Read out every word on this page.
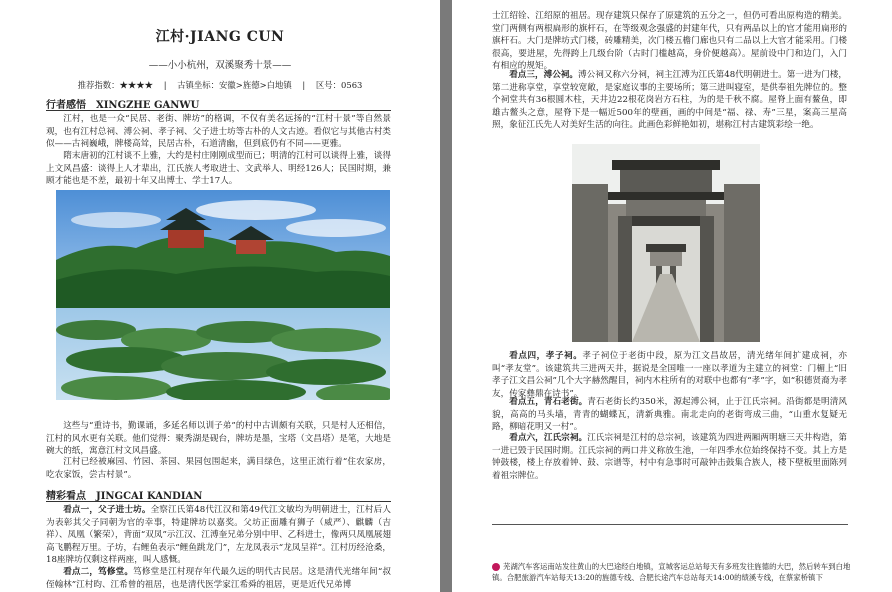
江村·JIANG CUN
——小小杭州，双溪聚秀十景——
推荐指数：★★★★ | 古镇坐标：安徽>旌德>白地镇 | 区号：0563
行者感悟　XINGZHE GANWU

江村，也是一众“民居、老街、牌坊”的格调，不仅有美名远扬的“江村十景”等自然景观，也有江村总祠、溥公祠、孝子祠、父子进士坊等古朴的人文古迹。看似它与其他古村类似——古祠巍峨，牌楼高耸，民居古朴，石道清幽，但到底仍有不同——更雅。

隋末唐初的江村谈不上雅，大约是村庄刚刚成型而已；明清的江村可以谈得上雅，谈得上文风昌盛：谈得上人才辈出，江氏族人考取进士、文武举人、明经126人；民国时期，兼顾才能也是不差，最初十年又出博士、学士17人。

这些与“重诗书，勤课诵，多延名师以训子弟”的村中古训颇有关联，只是村人还相信，江村的风水更有关联。他们觉得：聚秀湖是砚台，牌坊是墨，宝塔（文昌塔）是笔，大地是碗大的纸，寓意江村文风昌盛。

江村已经被麻园、竹园、茶园、果园包围起来，满目绿色，这里正流行着“住农家房，吃农家饭，尝古村景”。

精彩看点　JINGCAI KANDIAN

看点一，父子进士坊。全察江氏第48代江汉和第49代江文敏均为明朝进士，江村后人为表彰其父子同朝为官的幸事，特建牌坊以嘉奖。父坊正面雕有狮子（威严）、麒麟（吉祥）、凤凰（繁荣），背面“双凤”示江汉、江溥奎兄弟分别中甲、乙科进士，像两只凤凰展翅高飞鹏程万里。子坊，右鲤鱼表示“鲤鱼跳龙门”，左龙凤表示“龙凤呈祥”。江村历经沧桑，18座牌坊仅剩这样两座，叫人感慨。

看点二，笃修堂。笃修堂是江村现存年代最久远的明代古民居。这是清代光绪年间“叔侄翰林”江村昀、江希曾的祖居，也是清代医学家江希舜的祖居，更是近代兄弟博

士江绍铨、江绍原的祖居。现存建筑只保存了原建筑的五分之一，但仍可看出原构造的精美。堂门两侧有两根扁形的旗杆石，在等级观念强盛的封建年代，只有两品以上的官才能用扁形的旗杆石。大门是牌坊式门楼，砖雕精美，次门楼五檐门廊也只有二品以上大官才能采用。门楼很高，要进屋，先得跨上几级台阶（古时门槛越高，身价便越高）。屋前设中门和边门，入门有相应的规矩。

看点三，溥公祠。溥公祠又称六分祠，祠主江溥为江氏第48代明朝进士。第一进为门楼，第二进称享堂，享堂较宽敞，是家庭议事的主要场所；第三进叫寝室，是供奉祖先牌位的。整个祠堂共有36根圆木柱，天井边22根花岗岩方石柱，为的是千秋不腐。屋脊上面有鳌鱼，即雄古鳖头之意，屋脊下是一幅近500年的壁画，画的中间是“福、禄、寿”三星，案高三星高照，象征江氏先人对美好生活的向往。此画色彩鲜艳如初，堪称江村古建筑彩绘一绝。

看点四，孝子祠。孝子祠位于老街中段，原为江文昌故居，清光绪年间扩建成祠，亦叫“孝友堂”。该建筑共三进两天井，据说是全国唯一一座以孝道为主建立的祠堂：门楣上“旧孝子江文昌公祠”几个大字赫然醒目，祠内木柱所有的对联中也都有“孝”字，如“积德贤裔为孝友，传家彝鼎在诗书”。

看点五，青石老街。青石老街长约350米，源起溥公祠，止于江氏宗祠。沿街都是明清风貌，高高的马头墙，青青的蝴蝶瓦，清新典雅。南北走向的老街弯成三曲，“山重水复疑无路，柳暗花明又一村”。

看点六，江氏宗祠。江氏宗祠是江村的总宗祠，该建筑为四进两厢两明塘三天井构造，第一进已毁于民国时期。江氏宗祠的两口井义称放生池，一年四季水位始终保持不变。其上方是钟鼓楼，楼上存放着钟、鼓、宗谱等，村中有急事时可敲钟击鼓集合族人，楼下壁板里面陈列着祖宗牌位。

芜湖汽车客运南站发往黄山的大巴途经白地镇，宣城客运总站每天有多班发往旌德的大巴，然后转车到白地镇。合肥旅游汽车站每天13:20的旌德专线、合肥长途汽车总站每天14:00的绩溪专线，在蔡家桥镇下
